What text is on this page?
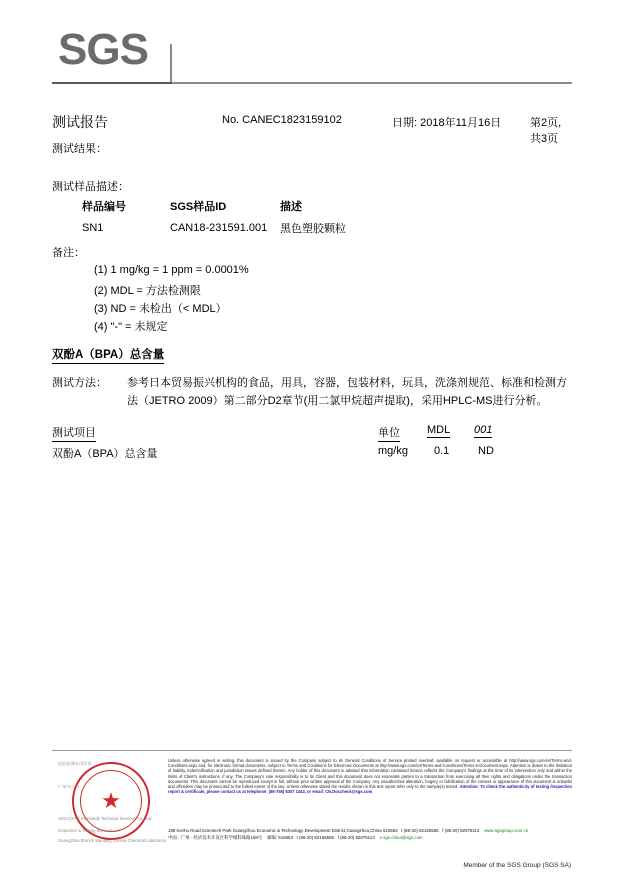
SGS
测试报告	No. CANEC1823159102	日期: 2018年11月16日	第2页,共3页
测试结果：
测试样品描述：
样品编号	SGS样品ID	描述
SN1	CAN18-231591.001	黑色塑胶颗粒
备注：
(1) 1 mg/kg = 1 ppm = 0.0001%
(2) MDL = 方法检测限
(3) ND = 未检出（< MDL）
(4) "-" = 未规定
双酚A（BPA）总含量
测试方法： 参考日本贸易振兴机构的食品，用具，容器，包装材料，玩具，洗涤剂规范、标准和检测方
法（JETRO 2009）第二部分D2章节(用二氯甲烷超声提取)，采用HPLC-MS进行分析。
测试项目	单位 MDL 001
双酚A（BPA）总含量	mg/kg 0.1	ND
★
检验检测专用印章
广州分公司
SGS-CSTC Standards Technical Services Co., Ltd.
Inspection & Testing Services
Guangzhou Branch Wanqing Central Chemical Laboratory
Unless otherwise agreed in writing, this document is issued by the Company subject to its General Conditions of Service printed overleaf, available on request or accessible at http://www.sgs.com/en/Terms-and-Conditions.aspx and, for electronic format documents, subject to Terms and Conditions for Electronic Documents at http://www.sgs.com/en/Terms-and-Conditions/Terms-e-Document.aspx. Attention is drawn to the limitation of liability, indemnification and jurisdiction issues defined therein. Any holder of this document is advised that information contained hereon reflects the Company's findings at the time of its intervention only and within the limits of Client's instructions, if any. The Company's sole responsibility is to its Client and this document does not exonerate parties to a transaction from exercising all their rights and obligations under the transaction documents. This document cannot be reproduced except in full, without prior written approval of the Company. Any unauthorized alteration, forgery or falsification of the content or appearance of this document is unlawful and offenders may be prosecuted to the fullest extent of the law. Unless otherwise stated the results shown in this test report refer only to the sample(s) tested. Attention: To check the authenticity of testing /inspection report & certificate, please contact us at telephone: (86-755) 8307 1443, or email: CN.Doccheck@sgs.com
198 Kezhu Road,Scientech Park Guangzhou Economic & Technology Development District,Guangzhou,China 510663 t (86-20) 82155555 f (86-20) 82075113 www.sgsgroup.com.cn
中国 · 广州 · 经济技术开发区科学城科珠路198号 邮编: 510663 t (86-20) 82155555 f (86-20) 82075113 e sgs.china@sgs.com
Member of the SGS Group (SGS SA)
